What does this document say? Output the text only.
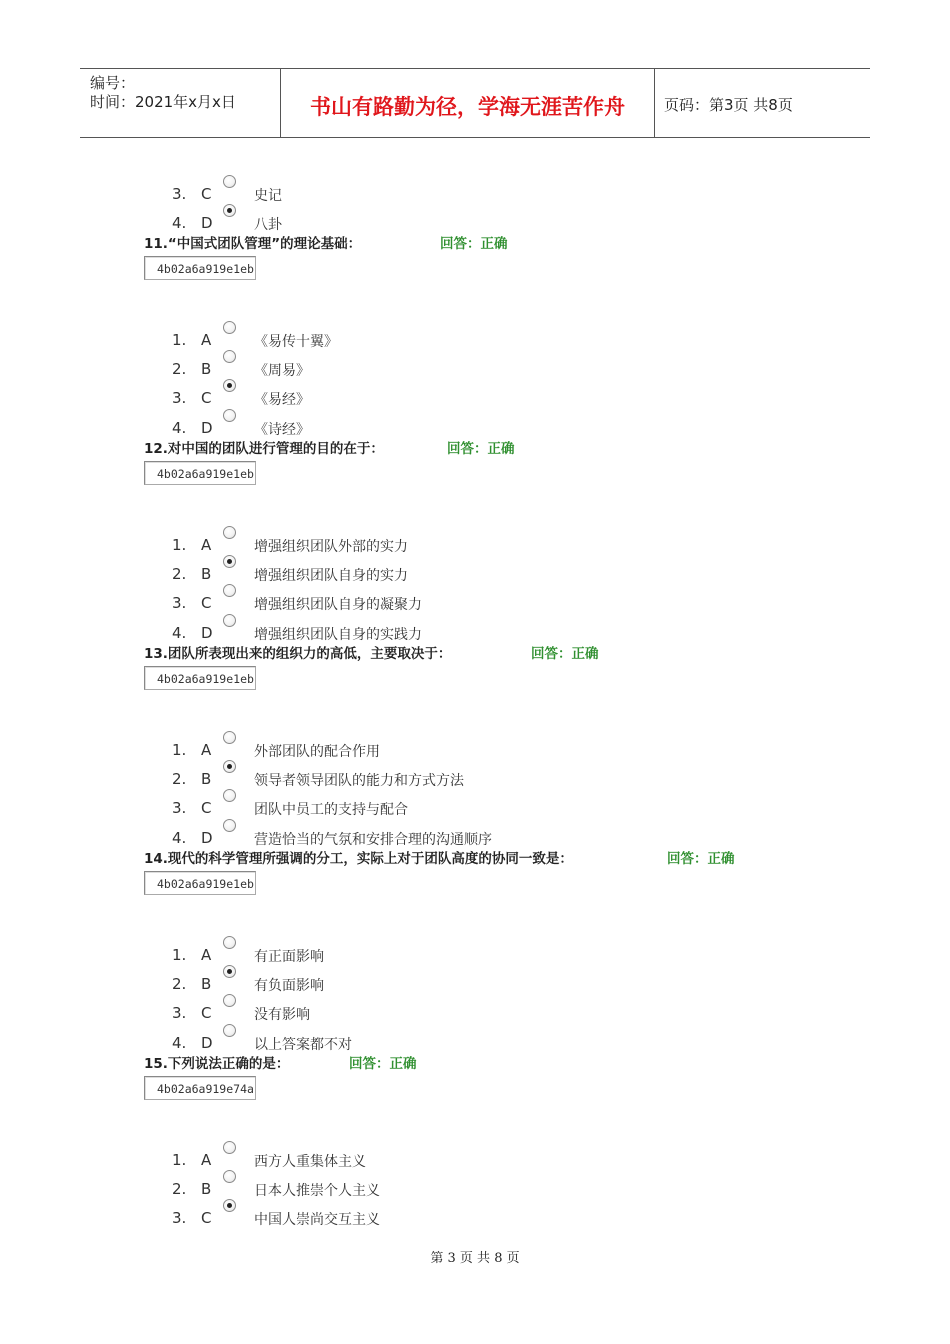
编号：
时间：2021年x月x日	书山有路勤为径，学海无涯苦作舟	页码：第3页 共8页
3. C	史记
4. D	八卦
11.“中国式团队管理”的理论基础：	回答：正确
4b02a6a919e1eb
1. A	《易传十翼》
2. B	《周易》
3. C	《易经》
4. D	《诗经》
12.对中国的团队进行管理的目的在于：	回答：正确
4b02a6a919e1eb
1. A	增强组织团队外部的实力
2. B	增强组织团队自身的实力
3. C	增强组织团队自身的凝聚力
4. D	增强组织团队自身的实践力
13.团队所表现出来的组织力的高低，主要取决于：	回答：正确
4b02a6a919e1eb
1. A	外部团队的配合作用
2. B	领导者领导团队的能力和方式方法
3. C	团队中员工的支持与配合
4. D	营造恰当的气氛和安排合理的沟通顺序
14.现代的科学管理所强调的分工，实际上对于团队高度的协同一致是：	回答：正确
4b02a6a919e1eb
1. A	有正面影响
2. B	有负面影响
3. C	没有影响
4. D	以上答案都不对
15.下列说法正确的是：	回答：正确
4b02a6a919e74a
1. A	西方人重集体主义
2. B	日本人推崇个人主义
3. C	中国人崇尚交互主义
第 3 页 共 8 页
